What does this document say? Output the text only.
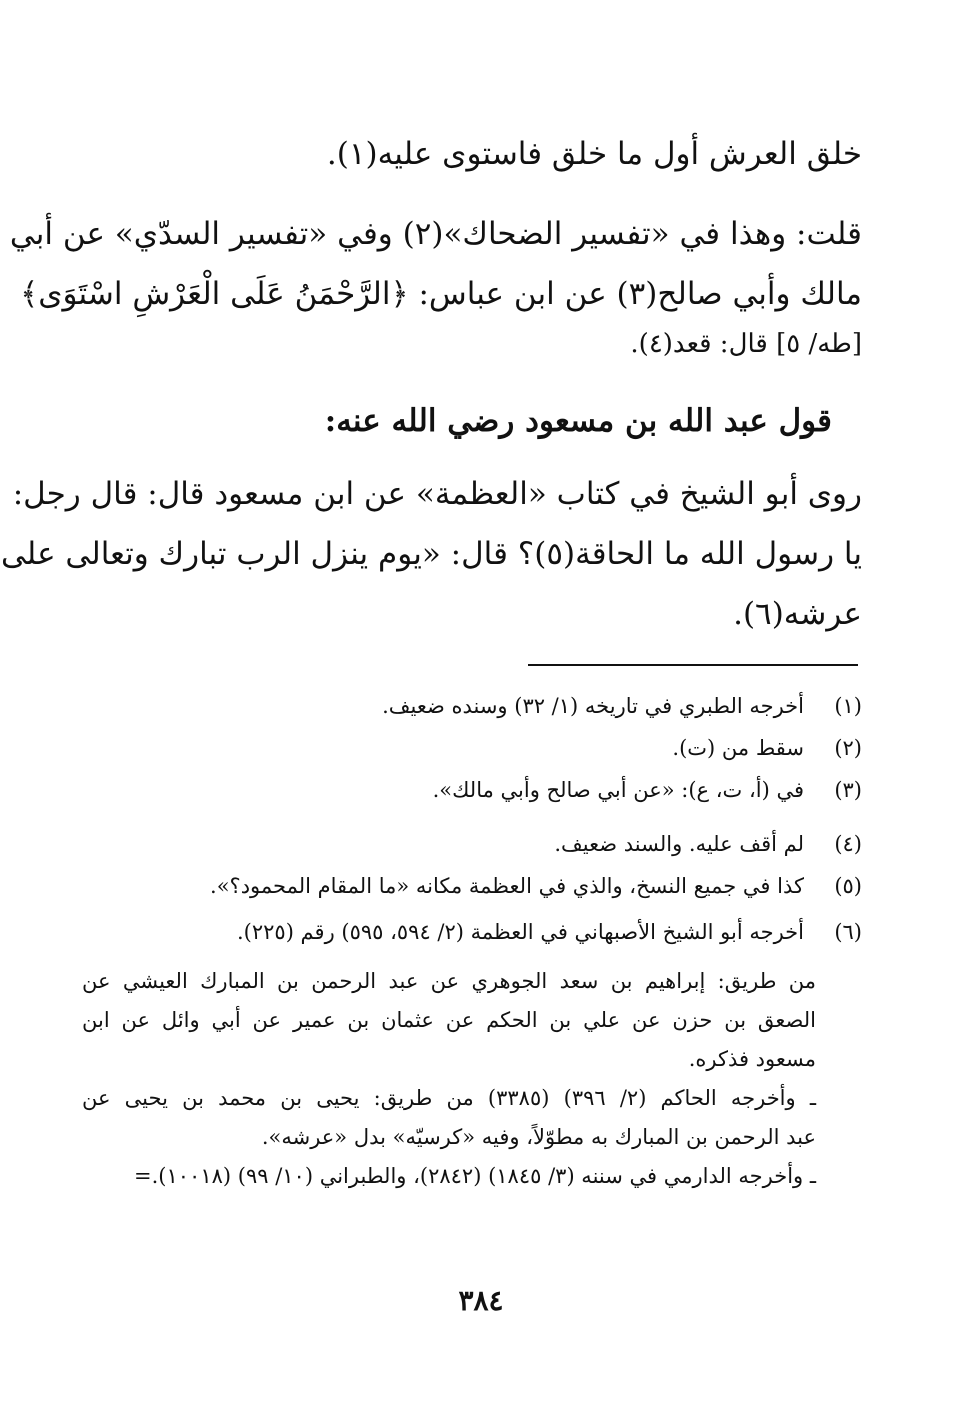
خلق العرش أول ما خلق فاستوى عليه(١).
قلت: وهذا في «تفسير الضحاك»(٢) وفي «تفسير السدّي» عن أبي
مالك وأبي صالح(٣) عن ابن عباس: ﴿الرَّحْمَنُ عَلَى الْعَرْشِ اسْتَوَى﴾
[طه/ ٥] قال: قعد(٤).
قول عبد الله بن مسعود رضي الله عنه:
روى أبو الشيخ في كتاب «العظمة» عن ابن مسعود قال: قال رجل:
يا رسول الله ما الحاقة(٥)؟ قال: «يوم ينزل الرب تبارك وتعالى على
عرشه(٦).
(١)أخرجه الطبري في تاريخه (١/ ٣٢) وسنده ضعيف.
(٢)سقط من (ت).
(٣)في (أ، ت، ع): «عن أبي صالح وأبي مالك».
(٤)لم أقف عليه. والسند ضعيف.
(٥)كذا في جميع النسخ، والذي في العظمة مكانه «ما المقام المحمود؟».
(٦)أخرجه أبو الشيخ الأصبهاني في العظمة (٢/ ٥٩٤، ٥٩٥) رقم (٢٢٥).
من طريق: إبراهيم بن سعد الجوهري عن عبد الرحمن بن المبارك العيشي عن
الصعق بن حزن عن علي بن الحكم عن عثمان بن عمير عن أبي وائل عن ابن
مسعود فذكره.
ـ وأخرجه الحاكم (٢/ ٣٩٦) (٣٣٨٥) من طريق: يحيى بن محمد بن يحيى عن
عبد الرحمن بن المبارك به مطوّلاً، وفيه «كرسيّه» بدل «عرشه».
ـ وأخرجه الدارمي في سننه (٣/ ١٨٤٥) (٢٨٤٢)، والطبراني (١٠/ ٩٩) (١٠٠١٨).=
٣٨٤
